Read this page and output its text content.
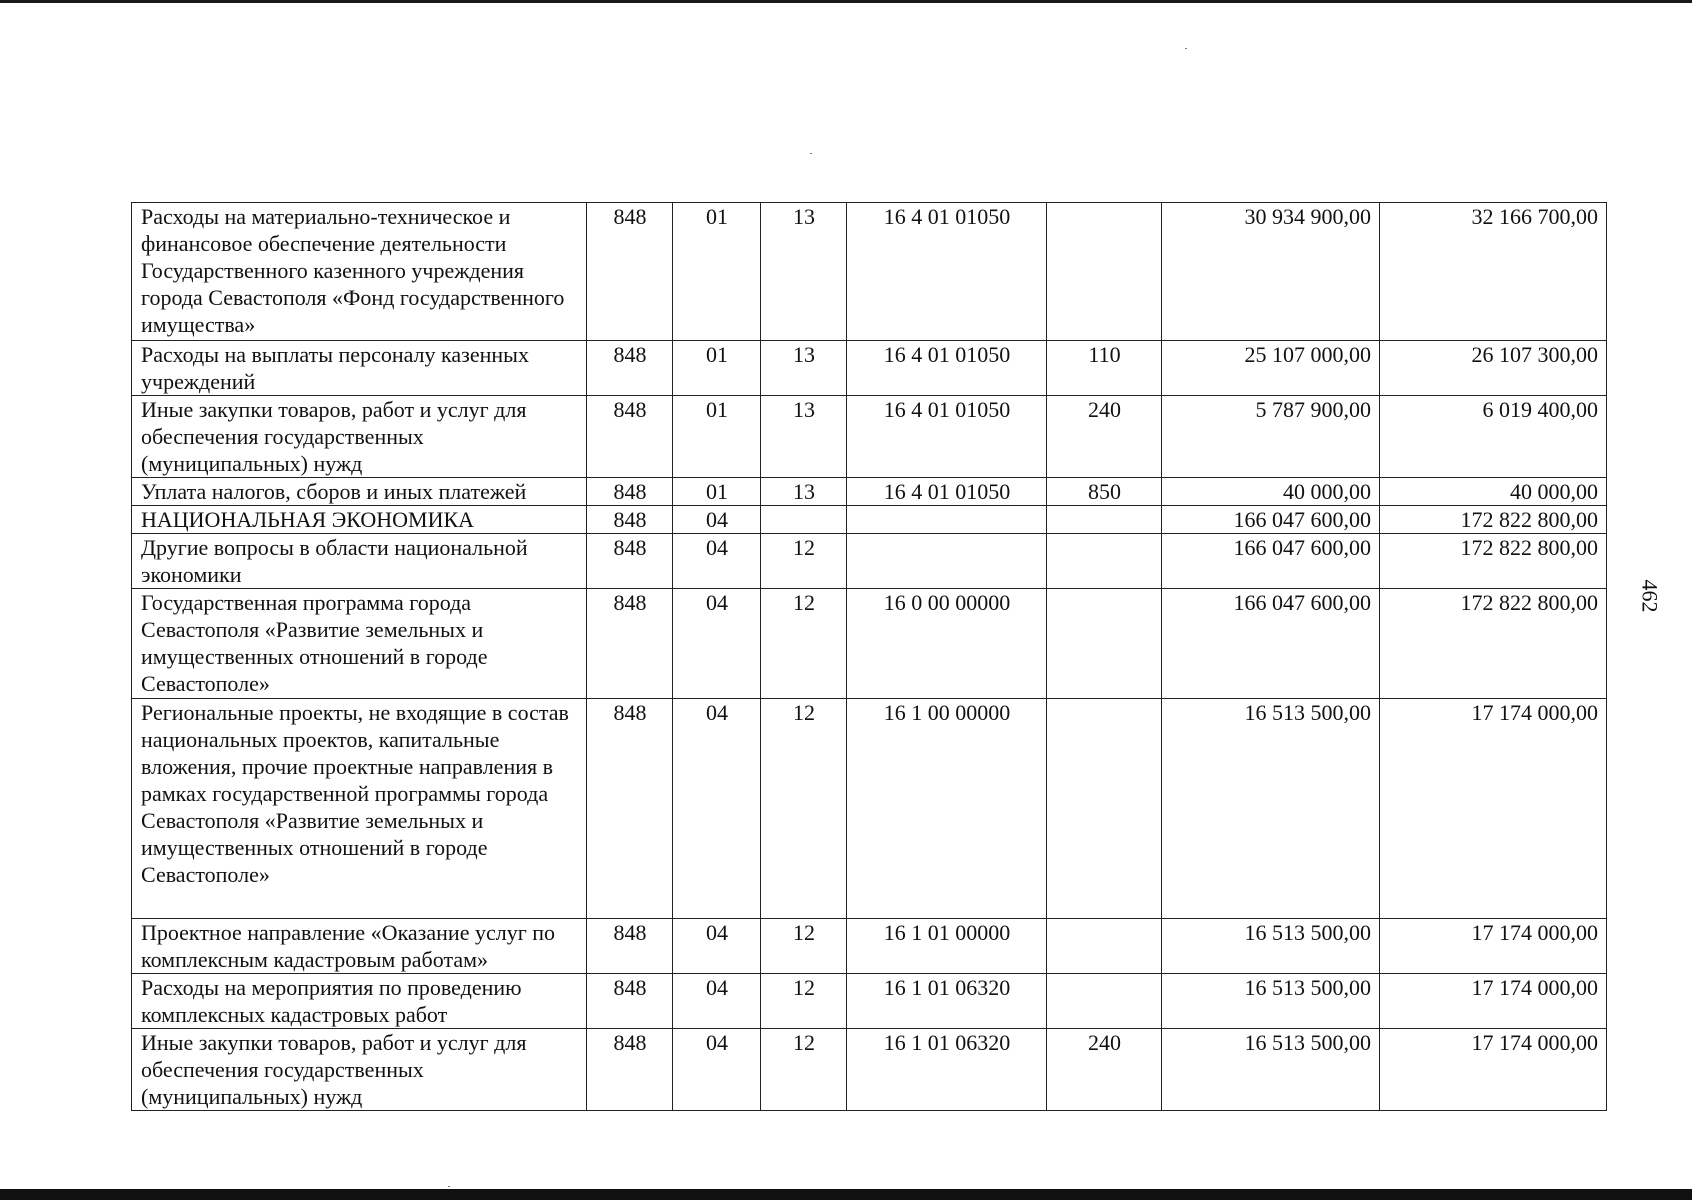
Расходы на материально-техническое и финансовое обеспечение деятельности Государственного казенного учреждения города Севастополя «Фонд государственного имущества»	848	01	13	16 4 01 01050		30 934 900,00	32 166 700,00
Расходы на выплаты персоналу казенных учреждений	848	01	13	16 4 01 01050	110	25 107 000,00	26 107 300,00
Иные закупки товаров, работ и услуг для обеспечения государственных (муниципальных) нужд	848	01	13	16 4 01 01050	240	5 787 900,00	6 019 400,00
Уплата налогов, сборов и иных платежей	848	01	13	16 4 01 01050	850	40 000,00	40 000,00
НАЦИОНАЛЬНАЯ ЭКОНОМИКА	848	04				166 047 600,00	172 822 800,00
Другие вопросы в области национальной экономики	848	04	12			166 047 600,00	172 822 800,00
Государственная программа города Севастополя «Развитие земельных и имущественных отношений в городе Севастополе»	848	04	12	16 0 00 00000		166 047 600,00	172 822 800,00
Региональные проекты, не входящие в состав национальных проектов, капитальные вложения, прочие проектные направления в рамках государственной программы города Севастополя «Развитие земельных и имущественных отношений в городе Севастополе»	848	04	12	16 1 00 00000		16 513 500,00	17 174 000,00
Проектное направление «Оказание услуг по комплексным кадастровым работам»	848	04	12	16 1 01 00000		16 513 500,00	17 174 000,00
Расходы на мероприятия по проведению комплексных кадастровых работ	848	04	12	16 1 01 06320		16 513 500,00	17 174 000,00
Иные закупки товаров, работ и услуг для обеспечения государственных (муниципальных) нужд	848	04	12	16 1 01 06320	240	16 513 500,00	17 174 000,00
462
